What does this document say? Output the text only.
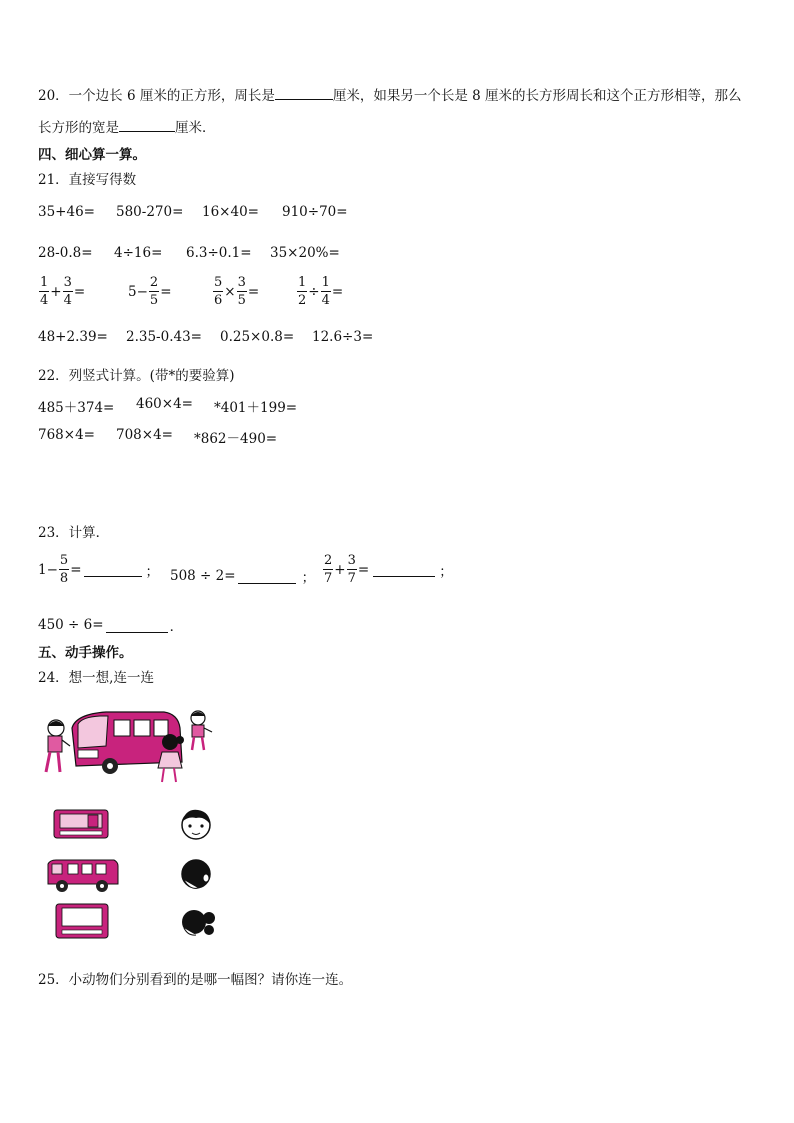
20．一个边长 6 厘米的正方形，周长是	厘米，如果另一个长是 8 厘米的长方形周长和这个正方形相等，那么
长方形的宽是	厘米．
四、细心算一算。
21．直接写得数
35+46= 580-270= 16×40= 910÷70=
28-0.8= 4÷16= 6.3÷0.1= 35×20%=
$\frac{1}{4} + \frac{3}{4}$ =	$5 - \frac{2}{5}$ =	$\frac{5}{6} \times \frac{3}{5}$ =	$\frac{1}{2} \div \frac{1}{4}$ =
48+2.39= 2.35-0.43= 0.25×0.8= 12.6÷3=
22．列竖式计算。(带*的要验算)
485＋374= 460×4= *401＋199=
768×4= 708×4= *862－490=
23．计算．
$1 - \frac{5}{8}$ =	； 508 ÷ 2=	； $\frac{2}{7} + \frac{3}{7}$ =	；
450 ÷ 6=	．
五、动手操作。
24．想一想,连一连
25．小动物们分别看到的是哪一幅图？请你连一连。
